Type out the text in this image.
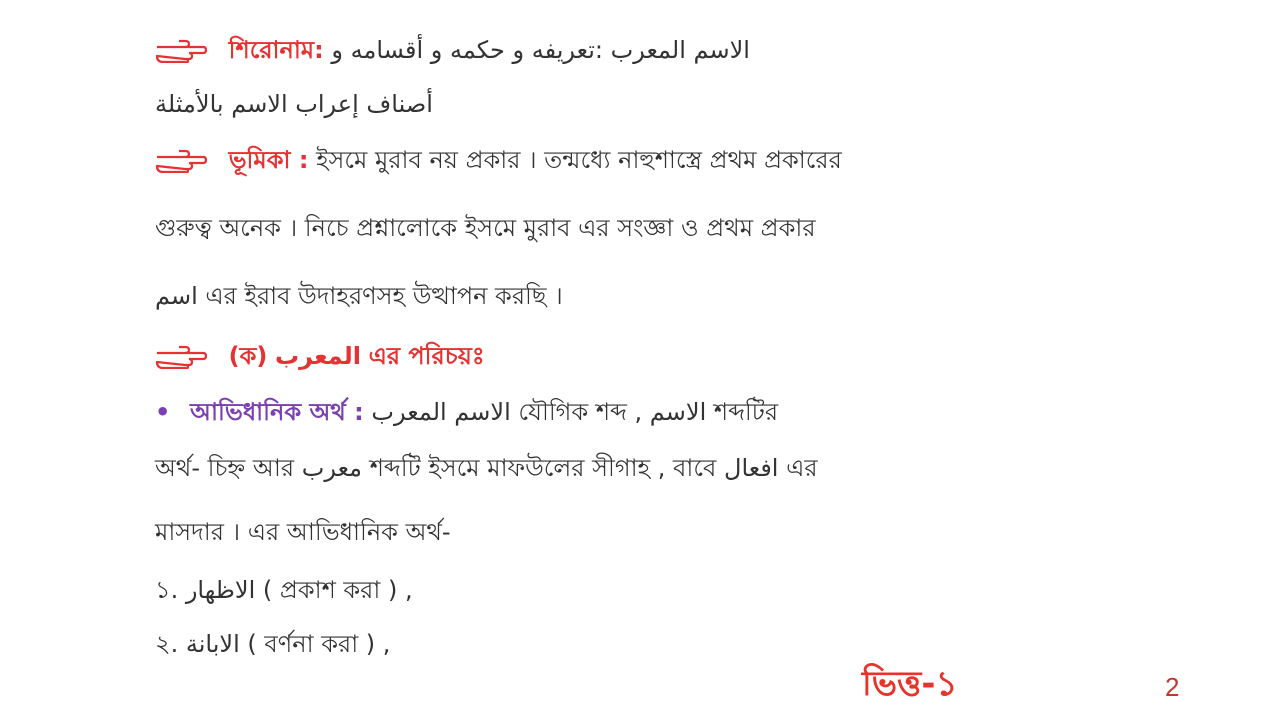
শিরোনাম: الاسم المعرب :تعريفه و حكمه و أقسامه و
أصناف إعراب الاسم بالأمثلة
ভূমিকা : ইসমে মুরাব নয় প্রকার । তন্মধ্যে নাহুশাস্ত্রে প্রথম প্রকারের
গুরুত্ব অনেক । নিচে প্রশ্নালোকে ইসমে মুরাব এর সংজ্ঞা ও প্রথম প্রকার
اسم এর ইরাব উদাহরণসহ উত্থাপন করছি ।
(ক) المعرب এর পরিচয়ঃ
• আভিধানিক অর্থ : الاسم المعرب যৌগিক শব্দ , الاسم শব্দটির
অর্থ- চিহ্ন আর معرب শব্দটি ইসমে মাফউলের সীগাহ , বাবে افعال এর
মাসদার । এর আভিধানিক অর্থ-
১. الاظهار ( প্রকাশ করা ) ,
২. الابانة ( বর্ণনা করা ) ,
ভিত্ত-১	2
